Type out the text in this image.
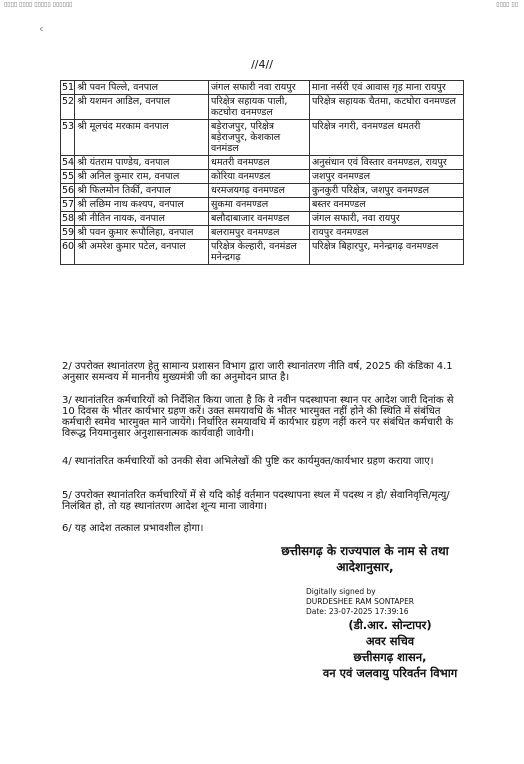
▯▯▯▯ ▯▯▯▯ ▯▯▯▯▯ ▯▯▯▯▯▯	▯▯▯▯ ▯▯
ᶜ
//4//
51	श्री पवन पिल्ले, वनपाल	जंगल सफारी नवा रायपुर	माना नर्सरी एवं आवास गृह माना रायपुर
52	श्री यशमन आडिल, वनपाल	परिक्षेत्र सहायक पाली, कटघोरा वनमण्डल	परिक्षेत्र सहायक चैतमा, कटघोरा वनमण्डल
53	श्री मूलचंद मरकाम वनपाल	बड़ेराजपुर, परिक्षेत्र बड़ेराजपुर, केशकाल वनमंडल	परिक्षेत्र नगरी, वनमण्डल धमतरी
54	श्री यंतराम पाण्डेय, वनपाल	धमतरी वनमण्डल	अनुसंधान एवं विस्तार वनमण्डल, रायपुर
55	श्री अनिल कुमार राम, वनपाल	कोरिया वनमण्डल	जशपुर वनमण्डल
56	श्री फिलमोन तिर्की, वनपाल	धरमजयगढ़ वनमण्डल	कुनकुरी परिक्षेत्र, जशपुर वनमण्डल
57	श्री लछिम नाथ कश्यप, वनपाल	सुकमा वनमण्डल	बस्तर वनमण्डल
58	श्री नीतिन नायक, वनपाल	बलौदाबाजार वनमण्डल	जंगल सफारी, नवा रायपुर
59	श्री पवन कुमार रूपौलिहा, वनपाल	बलरामपुर वनमण्डल	रायपुर वनमण्डल
60	श्री अमरेश कुमार पटेल, वनपाल	परिक्षेत्र केल्हारी, वनमंडल मनेन्द्रगढ़	परिक्षेत्र बिहारपुर, मनेन्द्रगढ़ वनमण्डल
2/ उपरोक्त स्थानांतरण हेतु सामान्य प्रशासन विभाग द्वारा जारी स्थानांतरण नीति वर्ष, 2025 की कंडिका 4.1 अनुसार समन्वय में माननीय मुख्यमंत्री जी का अनुमोदन प्राप्त है।
3/ स्थानांतरित कर्मचारियों को निर्देशित किया जाता है कि वे नवीन पदस्थापना स्थान पर आदेश जारी दिनांक से 10 दिवस के भीतर कार्यभार ग्रहण करें। उक्त समयावधि के भीतर भारमुक्त नहीं होने की स्थिति में संबंधित कर्मचारी स्वमेव भारमुक्त माने जायेंगे। निर्धारित समयावधि में कार्यभार ग्रहण नहीं करने पर संबंधित कर्मचारी के विरूद्ध नियमानुसार अनुशासनात्मक कार्यवाही जावेगी।
4/ स्थानांतरित कर्मचारियों को उनकी सेवा अभिलेखों की पुष्टि कर कार्यमुक्त/कार्यभार ग्रहण कराया जाए।
5/ उपरोक्त स्थानांतरित कर्मचारियों में से यदि कोई वर्तमान पदस्थापना स्थल में पदस्थ न हो/ सेवानिवृत्ति/मृत्यु/निलंबित हो, तो यह स्थानांतरण आदेश शून्य माना जावेगा।
6/ यह आदेश तत्काल प्रभावशील होगा।
छत्तीसगढ़ के राज्यपाल के नाम से तथा
आदेशानुसार,
Digitally signed by
DURDESHEE RAM SONTAPER
Date: 23-07-2025 17:39:16
(डी.आर. सोन्टापर)
अवर सचिव
छत्तीसगढ़ शासन,
वन एवं जलवायु परिवर्तन विभाग
